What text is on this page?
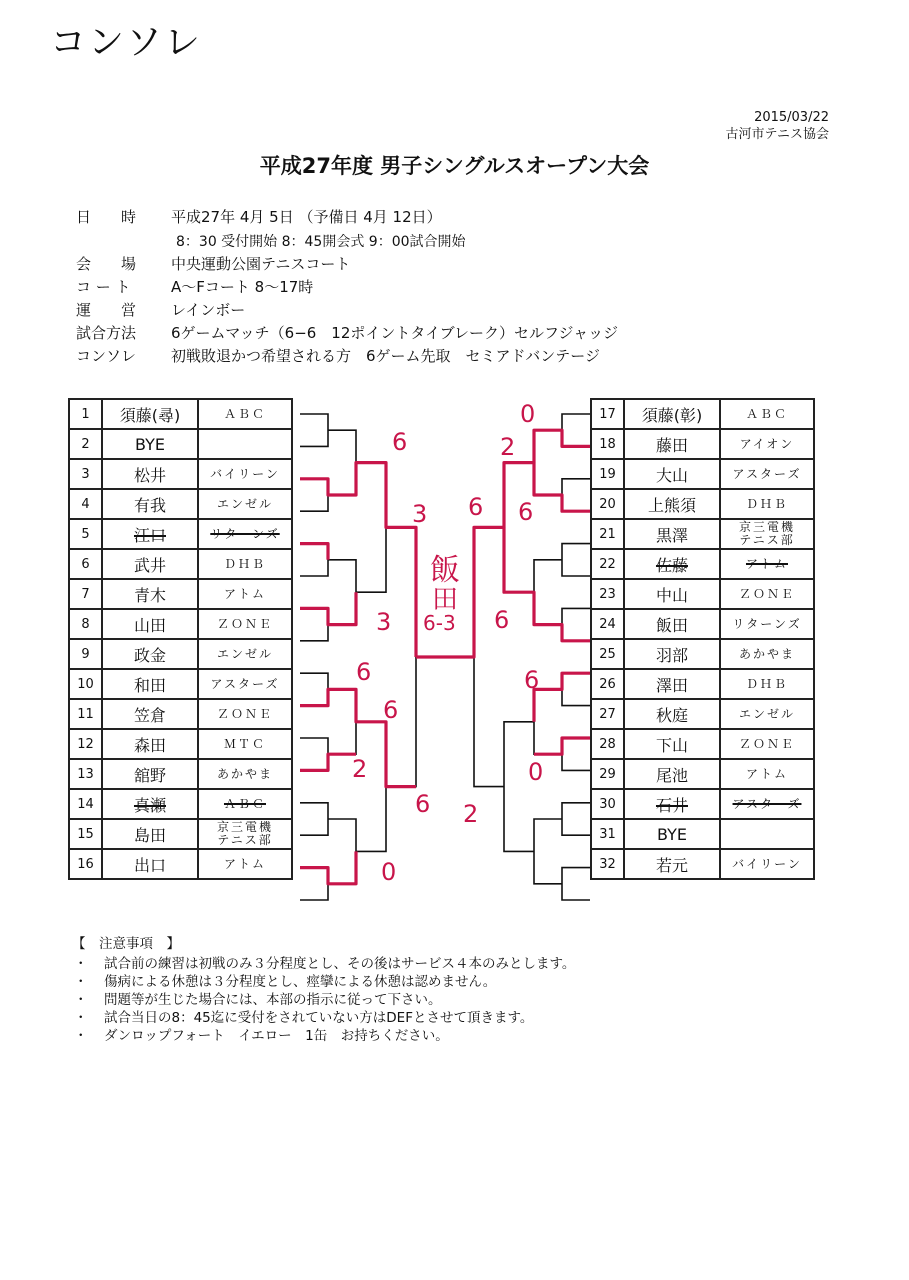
コンソレ
2015/03/22
古河市テニス協会
平成27年度 男子シングルスオープン大会
日　　時	平成27年 4月 5日 （予備日 4月 12日）
8：30 受付開始 8：45開会式 9：00試合開始
会　　場	中央運動公園テニスコート
コ ー ト	A～Fコート 8～17時
運　　営	レインボー
試合方法	6ゲームマッチ（6−6　12ポイントタイブレーク）セルフジャッジ
コンソレ	初戦敗退かつ希望される方　6ゲーム先取　セミアドバンテージ
6
3
3
6
6
2
6
0
0
2
6 6
6
6
0
2
飯
田
6-3
1	須藤(尋)	ＡＢＣ
2	BYE	
3	松井	バイリーン
4	有我	エンゼル
5	江口	リターンズ
6	武井	ＤＨＢ
7	青木	アトム
8	山田	ＺＯＮＥ
9	政金	エンゼル
10	和田	アスターズ
11	笠倉	ＺＯＮＥ
12	森田	ＭＴＣ
13	舘野	あかやま
14	真瀬	ＡＢＣ
15	島田	京三電機
テニス部
16	出口	アトム
17	須藤(彰)	ＡＢＣ
18	藤田	アイオン
19	大山	アスターズ
20	上熊須	ＤＨＢ
21	黒澤	京三電機
テニス部
22	佐藤	アトム
23	中山	ＺＯＮＥ
24	飯田	リターンズ
25	羽部	あかやま
26	澤田	ＤＨＢ
27	秋庭	エンゼル
28	下山	ＺＯＮＥ
29	尾池	アトム
30	石井	アスターズ
31	BYE	
32	若元	バイリーン
【　注意事項　】
・ 試合前の練習は初戦のみ３分程度とし、その後はサービス４本のみとします。
・ 傷病による休憩は３分程度とし、痙攣による休憩は認めません。
・ 問題等が生じた場合には、本部の指示に従って下さい。
・ 試合当日の8：45迄に受付をされていない方はDEFとさせて頂きます。
・ ダンロップフォート　イエロー　1缶　お持ちください。
